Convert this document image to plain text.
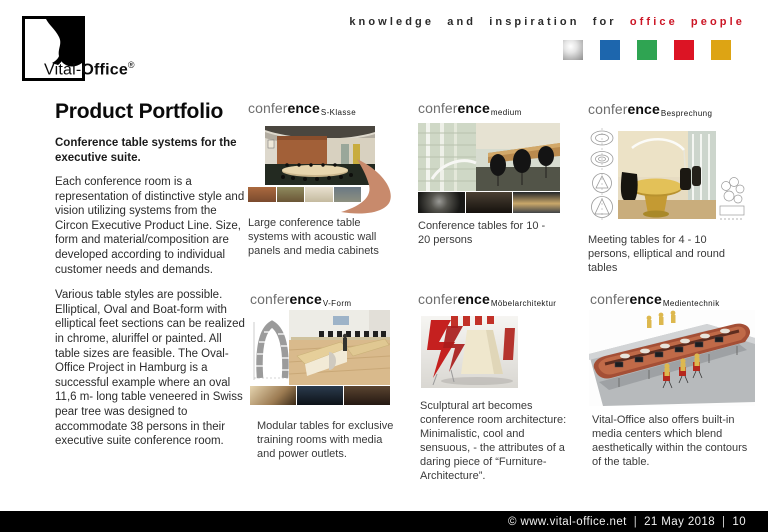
Vital-Office®
knowledge and inspiration for office people
Product Portfolio

Conference table systems for the executive suite.

Each conference room is a representation of distinctive style and vision utilizing systems from the Circon Executive Product Line. Size, form and material/composition are developed according to individual customer needs and demands.

Various table styles are possible. Elliptical, Oval and Boat-form with elliptical feet sections can be realized in chrome, aluriffel or painted. All table sizes are feasible. The Oval-Office Project in Hamburg is a successful example where an oval 11,6 m- long table veneered in Swiss pear tree was designed to accommodate 38 persons in their executive suite conference room.

conferenceS-Klasse

Large conference table systems with acoustic wall panels and media cabinets

conferencemedium

Conference tables for 10 - 20 persons

conferenceBesprechung

Meeting tables for 4 - 10 persons, elliptical and round tables

conferenceV-Form

Modular tables for exclusive training rooms with media and power outlets.

conferenceMöbelarchitektur

Sculptural art becomes conference room architecture: Minimalistic, cool and sensuous, - the attributes of a daring piece of “Furniture-Architecture”.

conferenceMedientechnik

Vital-Office also offers built-in media centers which blend aesthetically within the contours of the table.

©
www.vital-office.net | 21 May 2018 | 10
